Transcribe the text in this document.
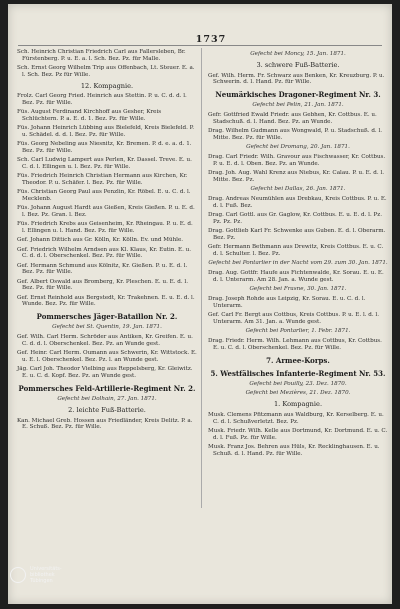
1737
Sch. Heinrich Christian Friedrich Carl aus Fallersleben, Br. Fürstenberg. P. u. E. a. l. Sch. Bez. Pz. für Malle.
Sch. Ernst Georg Wilhelm Trip aus Offenbach, Lt. Steuer. E. a. l. Sch. Bez. Pz für Wille.
12. Kompagnie.
Frolz. Carl Georg Fried. Heinrich aus Stettin. P. u. C. d. d. l. Bez. Pz. für Wille.
Füs. August Ferdinand Kirchhoff aus Gesher, Kreis Schlüchtern. P. a. E. d. 1. Bez. Pz. für Wille.
Füs. Johann Heinrich Lübbing aus Bielefeld, Kreis Bielefeld. P. u. Schädel. d. d. l. Bez. Pz. für Wille.
Füs. Georg Nebeling aus Niesnitz, Kr. Bremen. P. d. e. a. d. 1. Bez. Pz. für Wille.
Sch. Carl Ludwig Lampert aus Perlen, Kr. Dassel. Treve. E. u. C. d. l. Ellingen u. l. Bez. Pz. für Wille.
Füs. Friedrich Heinrich Christian Hermann aus Kirchen, Kr. Theodor. P. u. Schäfer. l. Bez. Pz. für Wille.
Füs. Christian Georg Paul aus Penzlin, Kr. Röbel. E. u. C. d. l. Mecklenb.
Füs. Johann August Hardt aus Gießen, Kreis Gießen. P. u. E. d. l. Bez. Pz. Gran. l. Bez.
Füs. Friedrich Krebs aus Geisenheim, Kr. Rheingau. P. u. E. d. l. Ellingen u. l. Hand. Bez. Pz. für Wille.
Gef. Johann Dittich aus Gr. Kölln, Kr. Kölln. Ev. und Mühle.
Gef. Friedrich Wilhelm Arndsen aus Kl. Klaus, Kr. Eutin. E. u. C. d. d. l. Oberschenkel. Bez. Pz. für Wille.
Gef. Hermann Schmund aus Kölnitz, Kr. Gießen. P. u. E. d. l. Bez. Pz. für Wille.
Gef. Albert Oswald aus Bromberg, Kr. Pleschen. E. u. E. d. l. Bez. Pz. für Wille.
Gef. Ernst Reinhold aus Bergstedt, Kr. Trakehnen. E. u. E. d. l. Wunde. Bez. Pz. für Wille.
Pommersches Jäger-Bataillon Nr. 2.
Gefecht bei St. Quentin, 19. Jan. 1871.
Gef. Wilh. Carl Herm. Schröder aus Antiken, Kr. Greifen. E. u. C. d. d. l. Oberschenkel. Bez. Pz. an Wunde gest.
Gef. Heinr. Carl Herm. Oumann aus Schwerin, Kr. Wittstock. E. u. E. l. Oberschenkel. Bez. Pz. l. an Wunde gest.
Jäg. Carl Joh. Theodor Vielbing aus Reppelsberg, Kr. Gleiwitz. E. u. C. d. Kopf. Bez. Pz. an Wunde gest.
Pommersches Feld-Artillerie-Regiment Nr. 2.
Gefecht bei Dolhain, 27. Jan. 1871.
2. leichte Fuß-Batterie.
Kan. Michael Greb. Hossen aus Friedländer, Kreis Delitz. P. a. E. Schuß. Bez. Pz. für Wille.
Gefecht bei Moncy, 15. Jan. 1871.
3. schwere Fuß-Batterie.
Gef. Wilh. Herm. Fr. Schwarz aus Benken, Kr. Kreuzburg. P. u. Schwerin. d. l. Hand. Pz. für Wille.
Neumärkisches Dragoner-Regiment Nr. 3.
Gefecht bei Pelin, 21. Jan. 1871.
Gefr. Gottfried Ewald Friedr. aus Gebhen, Kr. Cottbus. E. u. Stadschuß. d. l. Hand. Bez. Pz. an Wunde.
Drag. Wilhelm Gudmann aus Wongwald, P. u. Stadschuß. d. l. Mitte. Bez. Pz. für Wille.
Gefecht bei Dromang, 20. Jan. 1871.
Drag. Carl Friedr. Wilh. Gravour aus Fischwasser, Kr. Cottbus. P. u. E. d. l. Oben. Bez. Pz. an Wunde.
Drag. Joh. Aug. Wahl Krenz aus Niebus, Kr. Calau. P. u. E. d. l. Mitte. Bez. Pz.
Gefecht bei Dallas, 26. Jan. 1871.
Drag. Andreas Neumühlen aus Drebkau, Kreis Cottbus. P. u. E. d. l. Fuß. Bez.
Drag. Carl Gottl. aus Gr. Gaglow, Kr. Cottbus. E. u. E. d. l. Pz. Pz. Pz. Pz.
Drag. Gottlieb Karl Fr. Schwenke aus Guben. E. d. l. Oberarm. Bez. Pz.
Gefr. Hermann Bethmann aus Drewitz, Kreis Cottbus. E. u. C. d. l. Schulter. l. Bez. Pz.
Gefecht bei Pontarlier in der Nacht vom 29. zum 30. Jan. 1871.
Drag. Aug. Gottfr. Haufe aus Fichtenwalde, Kr. Sorau. E. u. E. d. l. Unterarm. Am 28. Jan. a. Wunde gest.
Gefecht bei Frasne, 30. Jan. 1871.
Drag. Joseph Rohde aus Leipzig, Kr. Sorau. E. u. C. d. l. Unterarm.
Gef. Carl Fr. Bergt aus Cottbus, Kreis Cottbus. P. u. E. l. d. l. Unterarm. Am 31. Jan. a. Wunde gest.
Gefecht bei Pontarlier, 1. Febr. 1871.
Drag. Friedr. Herm. Wilh. Lehmann aus Cottbus, Kr. Cottbus. E. u. C. d. l. Oberschenkel. Bez. Pz. für Wille.
7. Armee-Korps.
5. Westfälisches Infanterie-Regiment Nr. 53.
Gefecht bei Pouilly, 23. Dez. 1870.
Gefecht bei Mezières, 21. Dez. 1870.
1. Kompagnie.
Musk. Clemens Pfitzmann aus Waldburg, Kr. Kerselberg. E. u. C. d. l. Schußverletzt. Bez. Pz.
Musk. Friedr. Wilh. Kelle aus Dortmund, Kr. Dortmund. E. u. C. d. l. Fuß. Pz. für Wille.
Musk. Franz Jos. Behren aus Hüls, Kr. Recklinghausen. E. u. Schuß. d. l. Hand. Pz. für Wille.
Universitäts-
bibliothek
Tübingen
